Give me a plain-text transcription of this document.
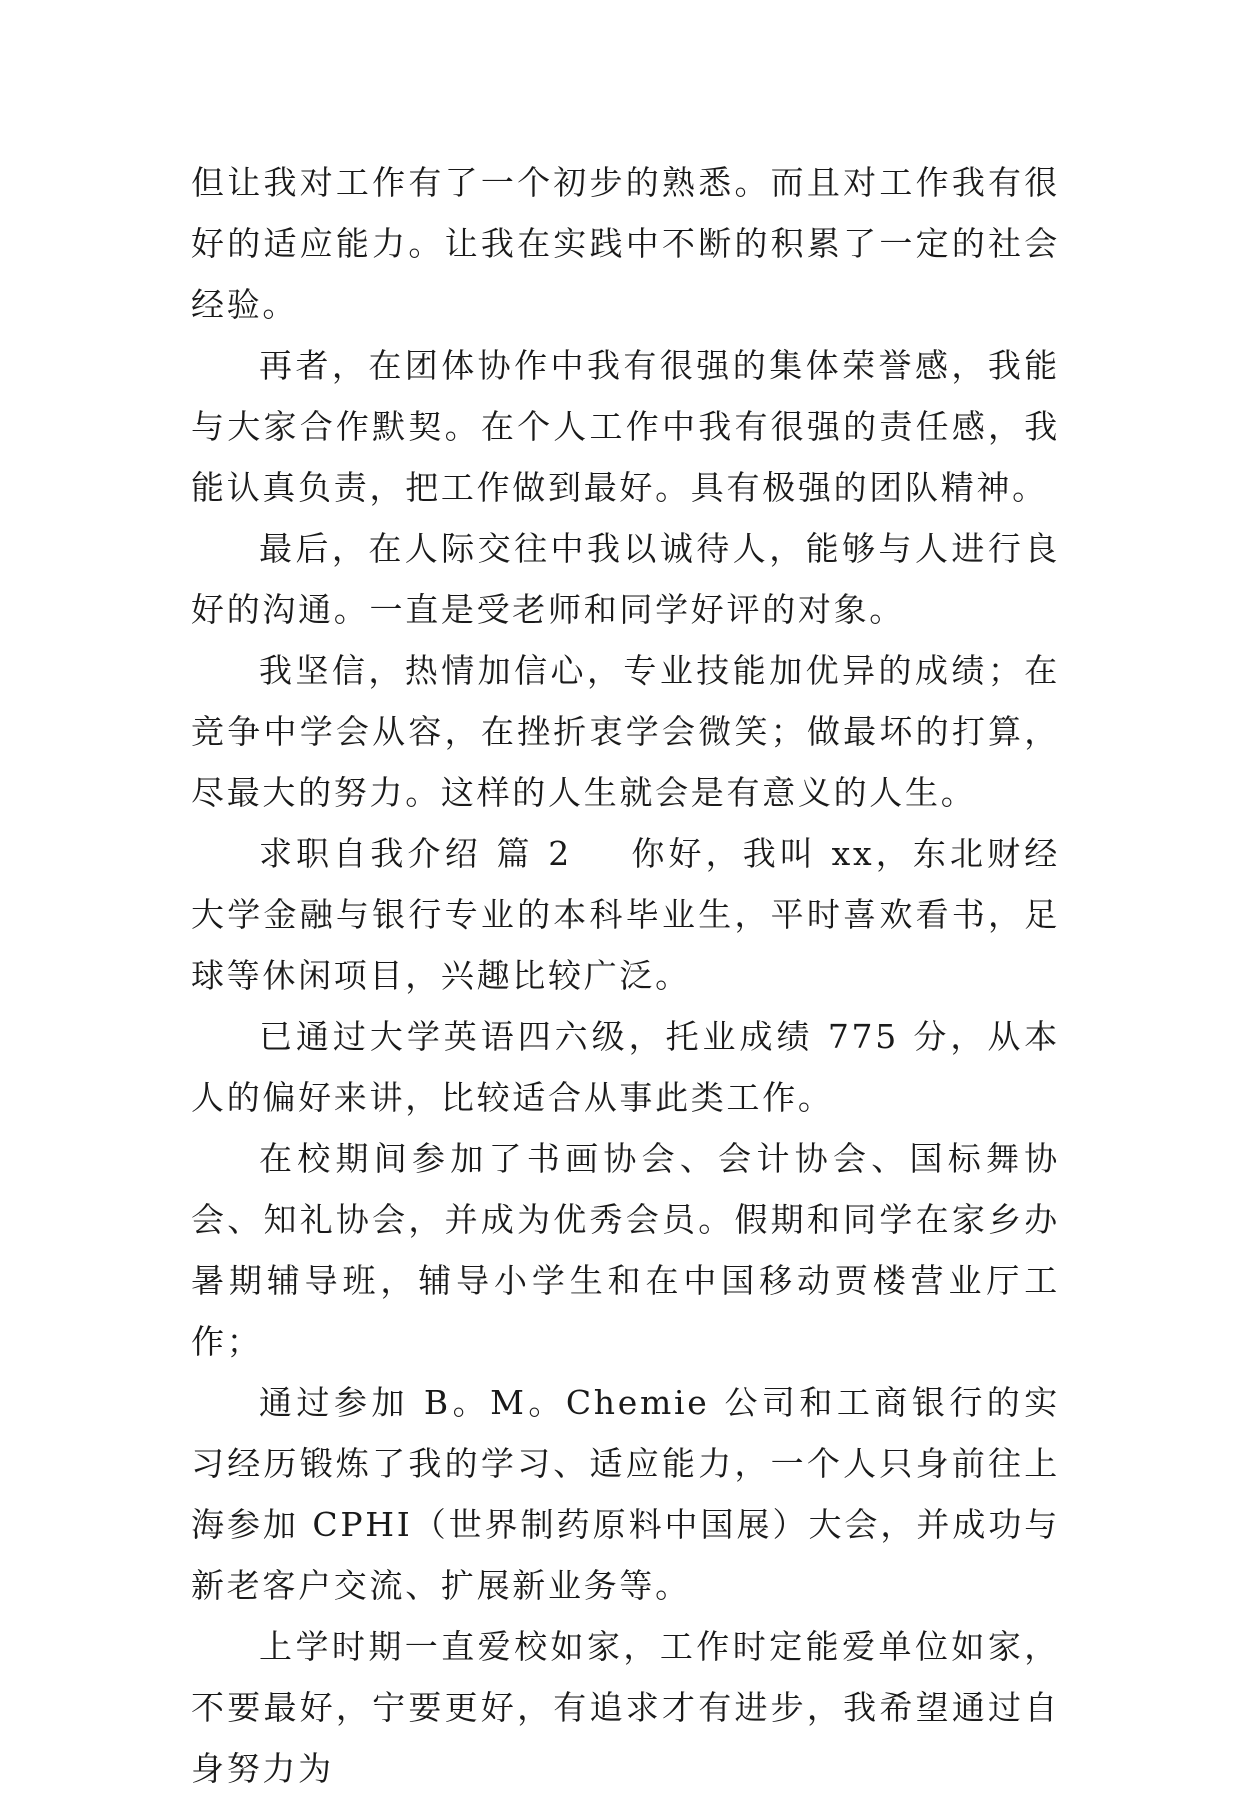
但让我对工作有了一个初步的熟悉。而且对工作我有很好的适应能力。让我在实践中不断的积累了一定的社会经验。

再者，在团体协作中我有很强的集体荣誉感，我能与大家合作默契。在个人工作中我有很强的责任感，我能认真负责，把工作做到最好。具有极强的团队精神。

最后，在人际交往中我以诚待人，能够与人进行良好的沟通。一直是受老师和同学好评的对象。

我坚信，热情加信心，专业技能加优异的成绩；在竞争中学会从容，在挫折衷学会微笑；做最坏的打算，尽最大的努力。这样的人生就会是有意义的人生。

求职自我介绍 篇 2 你好，我叫 xx，东北财经大学金融与银行专业的本科毕业生，平时喜欢看书，足球等休闲项目，兴趣比较广泛。

已通过大学英语四六级，托业成绩 775 分，从本人的偏好来讲，比较适合从事此类工作。

在校期间参加了书画协会、会计协会、国标舞协会、知礼协会，并成为优秀会员。假期和同学在家乡办暑期辅导班，辅导小学生和在中国移动贾楼营业厅工作；

通过参加 B。M。Chemie 公司和工商银行的实习经历锻炼了我的学习、适应能力，一个人只身前往上海参加 CPHI（世界制药原料中国展）大会，并成功与新老客户交流、扩展新业务等。

上学时期一直爱校如家，工作时定能爱单位如家，不要最好，宁要更好，有追求才有进步，我希望通过自身努力为
